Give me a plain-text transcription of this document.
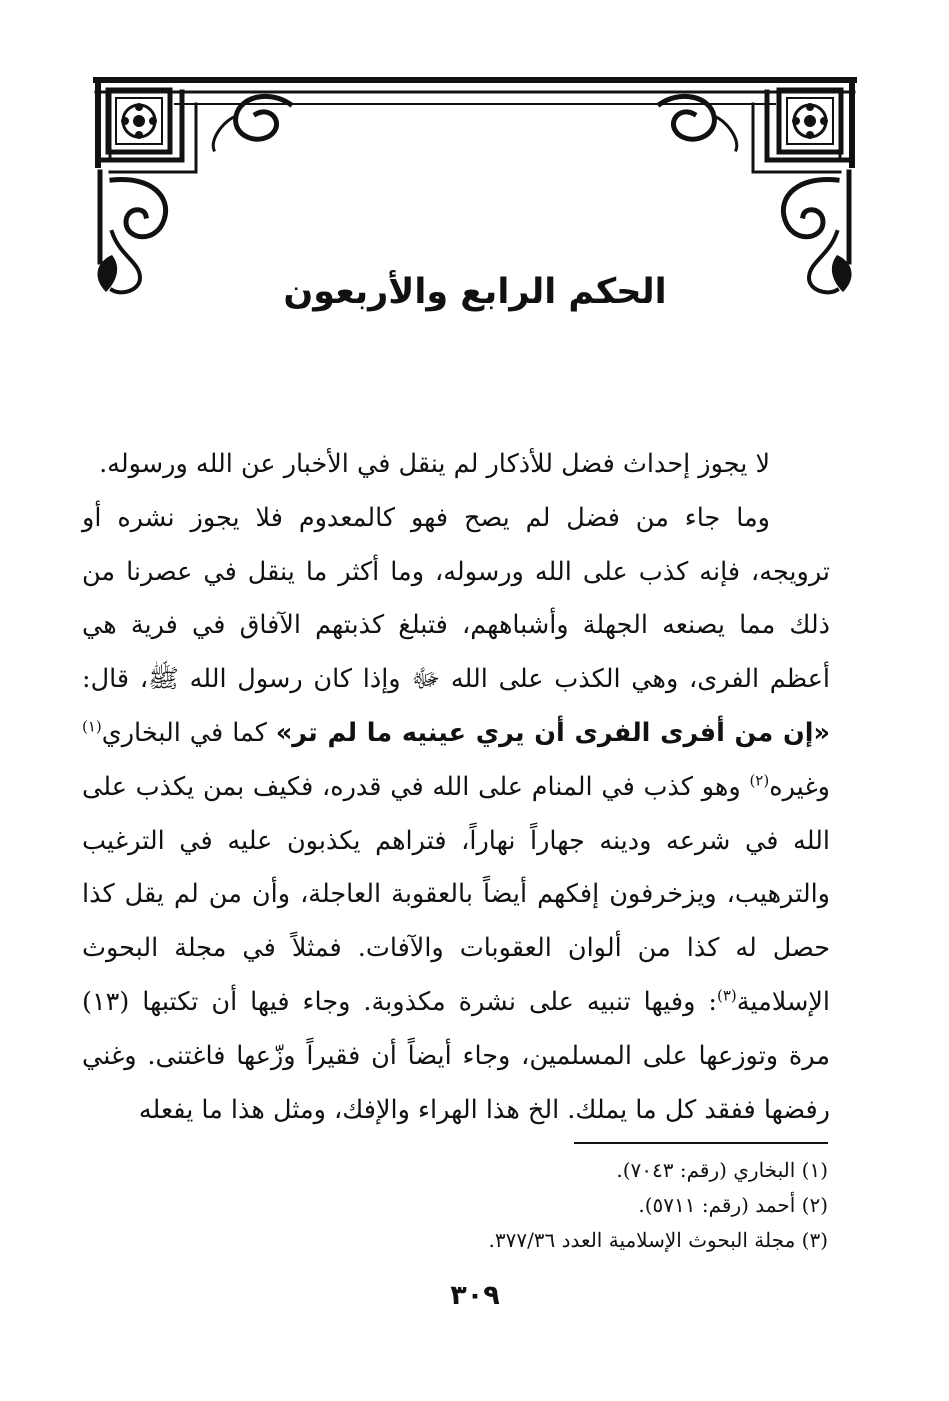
الحكم الرابع والأربعون

لا يجوز إحداث فضل للأذكار لم ينقل في الأخبار عن الله ورسوله.

وما جاء من فضل لم يصح فهو كالمعدوم فلا يجوز نشره أو ترويجه، فإنه كذب على الله ورسوله، وما أكثر ما ينقل في عصرنا من ذلك مما يصنعه الجهلة وأشباههم، فتبلغ كذبتهم الآفاق في فرية هي أعظم الفرى، وهي الكذب على الله ﷻ وإذا كان رسول الله ﷺ، قال: «إن من أفرى الفرى أن يري عينيه ما لم تر» كما في البخاري$^{(١)}$ وغيره$^{(٢)}$ وهو كذب في المنام على الله في قدره، فكيف بمن يكذب على الله في شرعه ودينه جهاراً نهاراً، فتراهم يكذبون عليه في الترغيب والترهيب، ويزخرفون إفكهم أيضاً بالعقوبة العاجلة، وأن من لم يقل كذا حصل له كذا من ألوان العقوبات والآفات. فمثلاً في مجلة البحوث الإسلامية$^{(٣)}$: وفيها تنبيه على نشرة مكذوبة. وجاء فيها أن تكتبها (١٣) مرة وتوزعها على المسلمين، وجاء أيضاً أن فقيراً وزّعها فاغتنى. وغني رفضها ففقد كل ما يملك. الخ هذا الهراء والإفك، ومثل هذا ما يفعله

(١) البخاري (رقم: ٧٠٤٣).
(٢) أحمد (رقم: ٥٧١١).
(٣) مجلة البحوث الإسلامية العدد ٣٧٧/٣٦.
٣٠٩
